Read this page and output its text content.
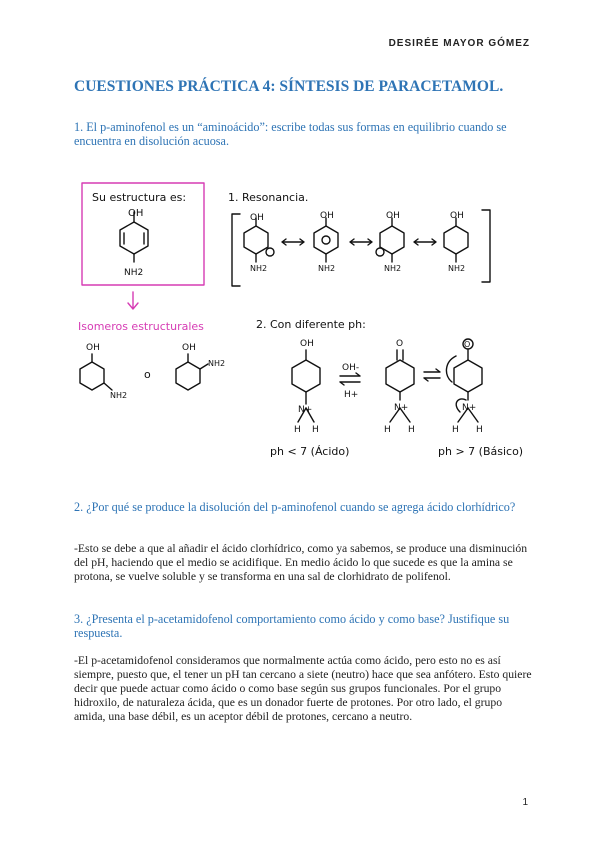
DESIRÉE MAYOR GÓMEZ
CUESTIONES PRÁCTICA 4: SÍNTESIS DE PARACETAMOL.
1. El p-aminofenol es un “aminoácido”: escribe todas sus formas en equilibrio cuando se encuentra en disolución acuosa.
Su estructura es:
OH
NH2
1. Resonancia.
OH
NH2
OH
NH2
OH
NH2
OH
NH2
Isomeros estructurales
OH
NH2
o
OH
NH2
2. Con diferente ph:
OH
N+
H H
OH-
H+
O
N+
H H
O
N+
H H
ph < 7 (Ácido)	ph > 7 (Básico)
2. ¿Por qué se produce la disolución del p-aminofenol cuando se agrega ácido clorhídrico?
-Esto se debe a que al añadir el ácido clorhídrico, como ya sabemos, se produce una disminución del pH, haciendo que el medio se acidifique. En medio ácido lo que sucede es que la amina se protona, se vuelve soluble y se transforma en una sal de clorhidrato de polifenol.
3. ¿Presenta el p-acetamidofenol comportamiento como ácido y como base? Justifique su respuesta.
-El p-acetamidofenol consideramos que normalmente actúa como ácido, pero esto no es así siempre, puesto que, el tener un pH tan cercano a siete (neutro) hace que sea anfótero. Esto quiere decir que puede actuar como ácido o como base según sus grupos funcionales. Por el grupo hidroxilo, de naturaleza ácida, que es un donador fuerte de protones. Por otro lado, el grupo amida, una base débil, es un aceptor débil de protones, cercano a neutro.
1
